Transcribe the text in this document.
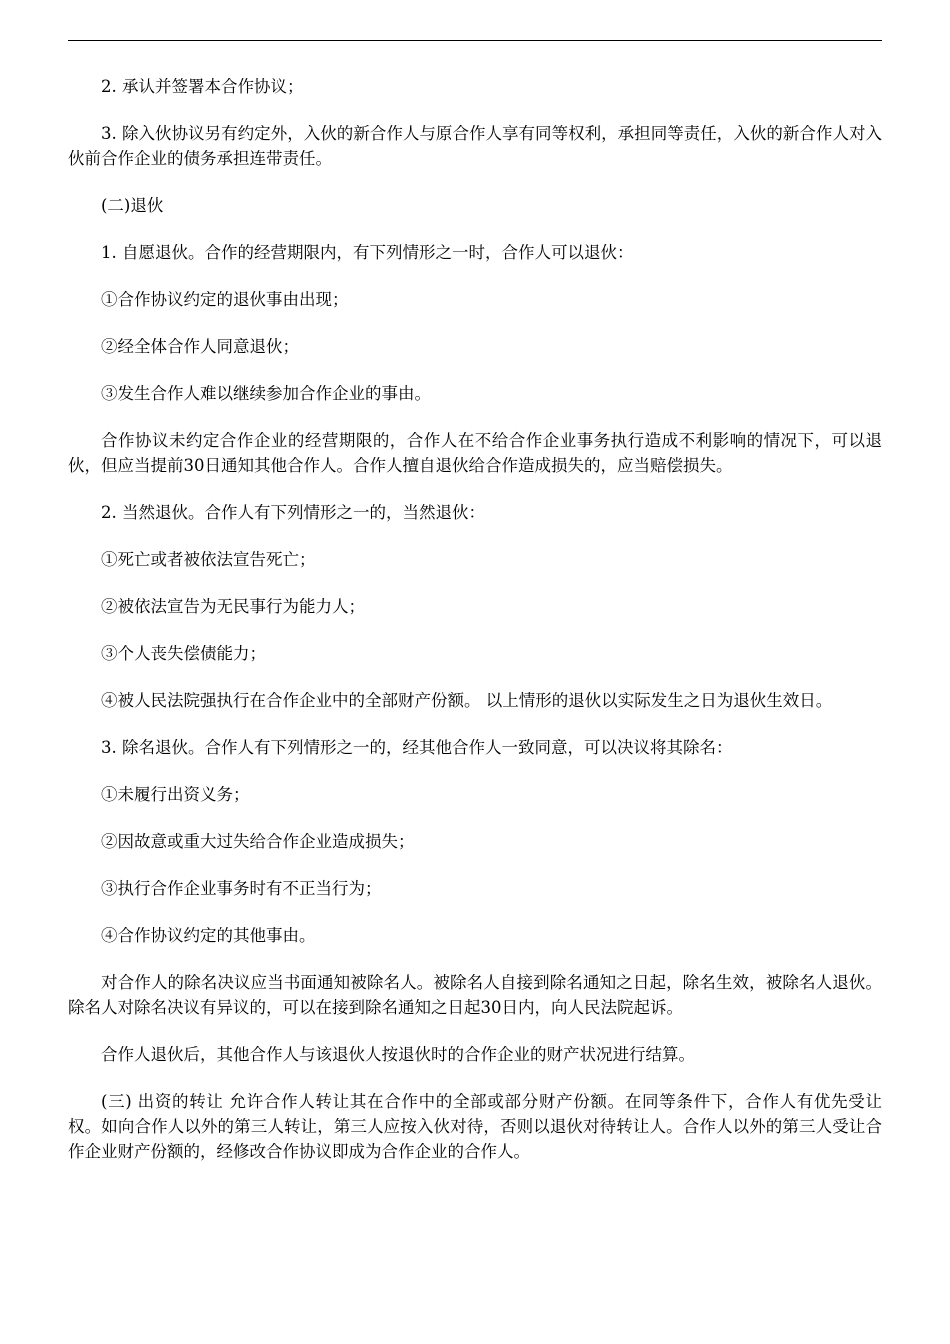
2. 承认并签署本合作协议；

3. 除入伙协议另有约定外，入伙的新合作人与原合作人享有同等权利，承担同等责任，入伙的新合作人对入伙前合作企业的债务承担连带责任。

(二)退伙

1. 自愿退伙。合作的经营期限内，有下列情形之一时，合作人可以退伙：

①合作协议约定的退伙事由出现；

②经全体合作人同意退伙；

③发生合作人难以继续参加合作企业的事由。

合作协议未约定合作企业的经营期限的，合作人在不给合作企业事务执行造成不利影响的情况下，可以退伙，但应当提前30日通知其他合作人。合作人擅自退伙给合作造成损失的，应当赔偿损失。

2. 当然退伙。合作人有下列情形之一的，当然退伙：

①死亡或者被依法宣告死亡；

②被依法宣告为无民事行为能力人；

③个人丧失偿债能力；

④被人民法院强执行在合作企业中的全部财产份额。 以上情形的退伙以实际发生之日为退伙生效日。

3. 除名退伙。合作人有下列情形之一的，经其他合作人一致同意，可以决议将其除名：

①未履行出资义务；

②因故意或重大过失给合作企业造成损失；

③执行合作企业事务时有不正当行为；

④合作协议约定的其他事由。

对合作人的除名决议应当书面通知被除名人。被除名人自接到除名通知之日起，除名生效，被除名人退伙。除名人对除名决议有异议的，可以在接到除名通知之日起30日内，向人民法院起诉。

合作人退伙后，其他合作人与该退伙人按退伙时的合作企业的财产状况进行结算。

(三) 出资的转让 允许合作人转让其在合作中的全部或部分财产份额。在同等条件下，合作人有优先受让权。如向合作人以外的第三人转让，第三人应按入伙对待，否则以退伙对待转让人。合作人以外的第三人受让合作企业财产份额的，经修改合作协议即成为合作企业的合作人。
